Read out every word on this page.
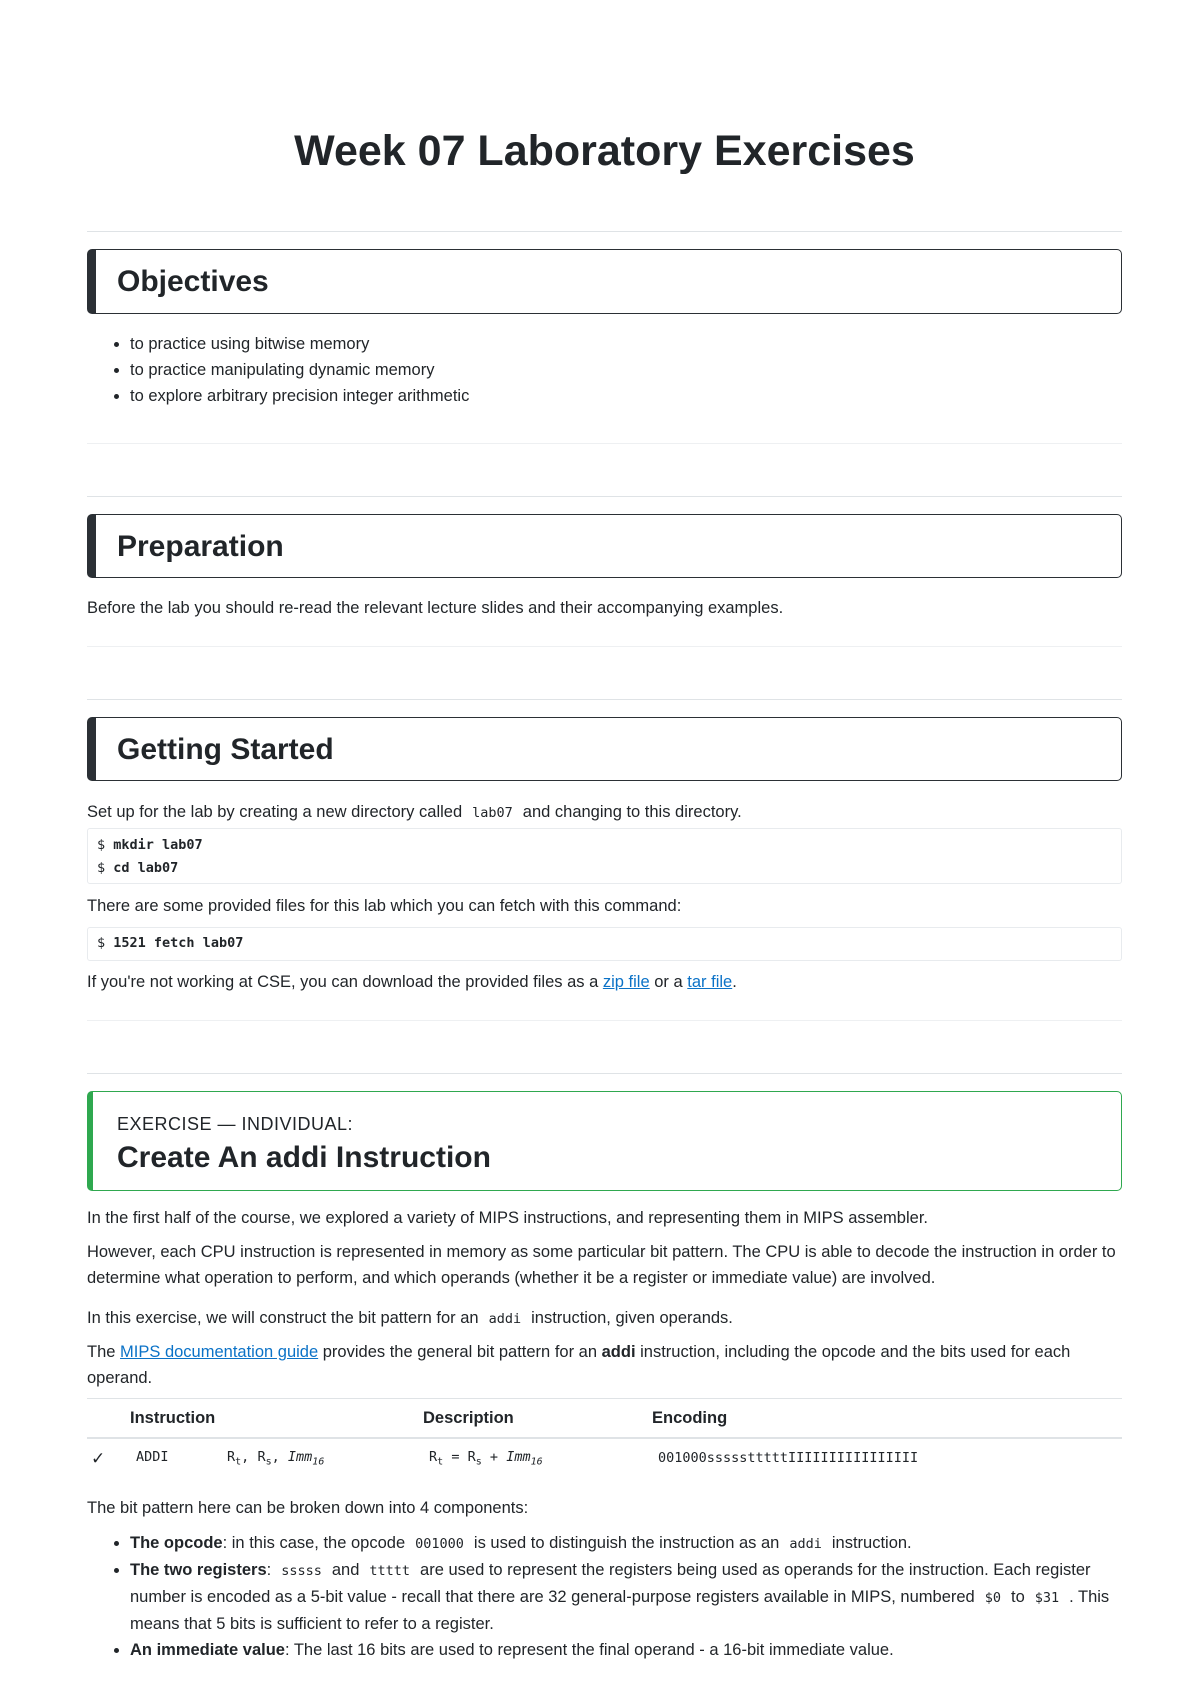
Week 07 Laboratory Exercises
Objectives
• to practice using bitwise memory
• to practice manipulating dynamic memory
• to explore arbitrary precision integer arithmetic
Preparation

Before the lab you should re-read the relevant lecture slides and their accompanying examples.

Getting Started

Set up for the lab by creating a new directory called lab07 and changing to this directory.

$ mkdir lab07
$ cd lab07

There are some provided files for this lab which you can fetch with this command:

$ 1521 fetch lab07

If you're not working at CSE, you can download the provided files as a zip file or a tar file.

EXERCISE — INDIVIDUAL:
Create An addi Instruction

In the first half of the course, we explored a variety of MIPS instructions, and representing them in MIPS assembler.

However, each CPU instruction is represented in memory as some particular bit pattern. The CPU is able to decode the instruction in order to determine what operation to perform, and which operands (whether it be a register or immediate value) are involved.

In this exercise, we will construct the bit pattern for an addi instruction, given operands.

The MIPS documentation guide provides the general bit pattern for an addi instruction, including the opcode and the bits used for each operand.

	Instruction	Description	Encoding
✓	ADDI $R_t$, $R_s$, Imm$_{16}$	$R_t = R_s + Imm_{16}$	001000ssssstttttIIIIIIIIIIIIIIII

The bit pattern here can be broken down into 4 components:

• The opcode: in this case, the opcode 001000 is used to distinguish the instruction as an addi instruction.
• The two registers: sssss and ttttt are used to represent the registers being used as operands for the instruction. Each register number is encoded as a 5-bit value - recall that there are 32 general-purpose registers available in MIPS, numbered $0 to $31 . This means that 5 bits is sufficient to refer to a register.
• An immediate value: The last 16 bits are used to represent the final operand - a 16-bit immediate value.
